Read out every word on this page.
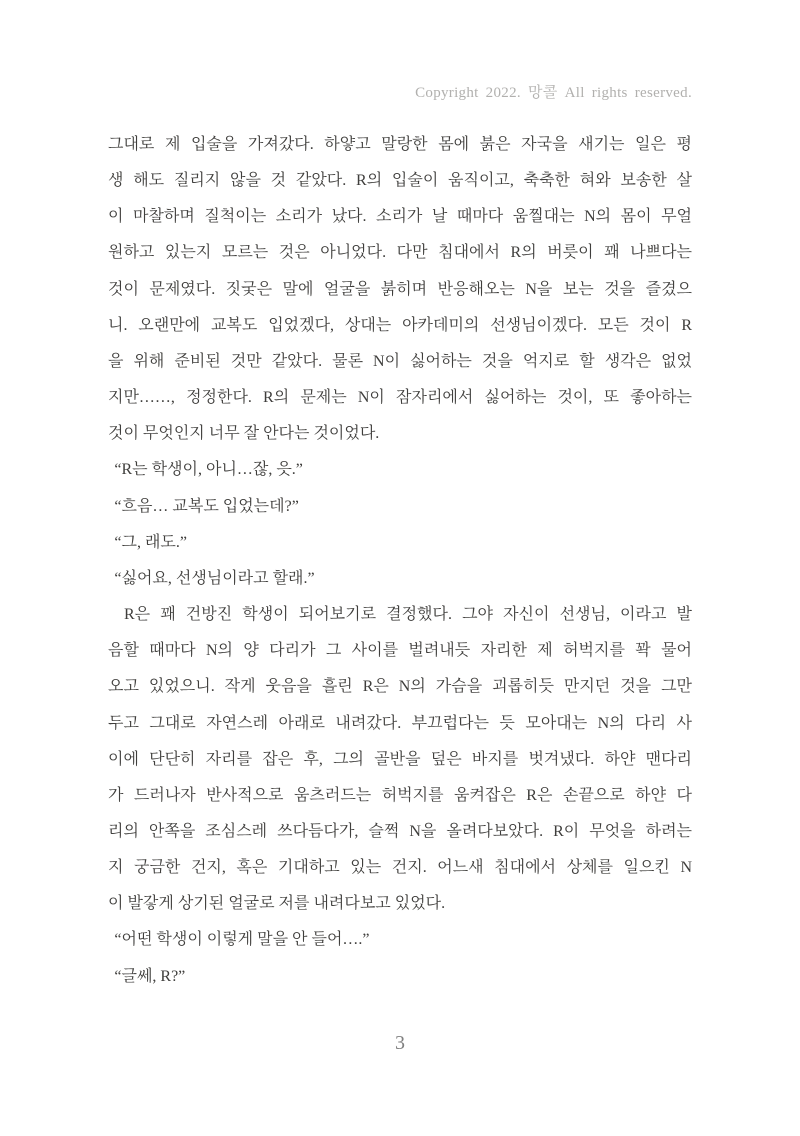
Copyright 2022. 망콜 All rights reserved.
그대로 제 입술을 가져갔다. 하얗고 말랑한 몸에 붉은 자국을 새기는 일은 평
생 해도 질리지 않을 것 같았다. R의 입술이 움직이고, 축축한 혀와 보송한 살
이 마찰하며 질척이는 소리가 났다. 소리가 날 때마다 움찔대는 N의 몸이 무얼
원하고 있는지 모르는 것은 아니었다. 다만 침대에서 R의 버릇이 꽤 나쁘다는
것이 문제였다. 짓궂은 말에 얼굴을 붉히며 반응해오는 N을 보는 것을 즐겼으
니. 오랜만에 교복도 입었겠다, 상대는 아카데미의 선생님이겠다. 모든 것이 R
을 위해 준비된 것만 같았다. 물론 N이 싫어하는 것을 억지로 할 생각은 없었
지만……, 정정한다. R의 문제는 N이 잠자리에서 싫어하는 것이, 또 좋아하는
것이 무엇인지 너무 잘 안다는 것이었다.
“R는 학생이, 아니…잖, 읏.”
“흐음… 교복도 입었는데?”
“그, 래도.”
“싫어요, 선생님이라고 할래.”
R은 꽤 건방진 학생이 되어보기로 결정했다. 그야 자신이 선생님, 이라고 발
음할 때마다 N의 양 다리가 그 사이를 벌려내듯 자리한 제 허벅지를 꽉 물어
오고 있었으니. 작게 웃음을 흘린 R은 N의 가슴을 괴롭히듯 만지던 것을 그만
두고 그대로 자연스레 아래로 내려갔다. 부끄럽다는 듯 모아대는 N의 다리 사
이에 단단히 자리를 잡은 후, 그의 골반을 덮은 바지를 벗겨냈다. 하얀 맨다리
가 드러나자 반사적으로 움츠러드는 허벅지를 움켜잡은 R은 손끝으로 하얀 다
리의 안쪽을 조심스레 쓰다듬다가, 슬쩍 N을 올려다보았다. R이 무엇을 하려는
지 궁금한 건지, 혹은 기대하고 있는 건지. 어느새 침대에서 상체를 일으킨 N
이 발갛게 상기된 얼굴로 저를 내려다보고 있었다.
“어떤 학생이 이렇게 말을 안 들어….”
“글쎄, R?”
3
